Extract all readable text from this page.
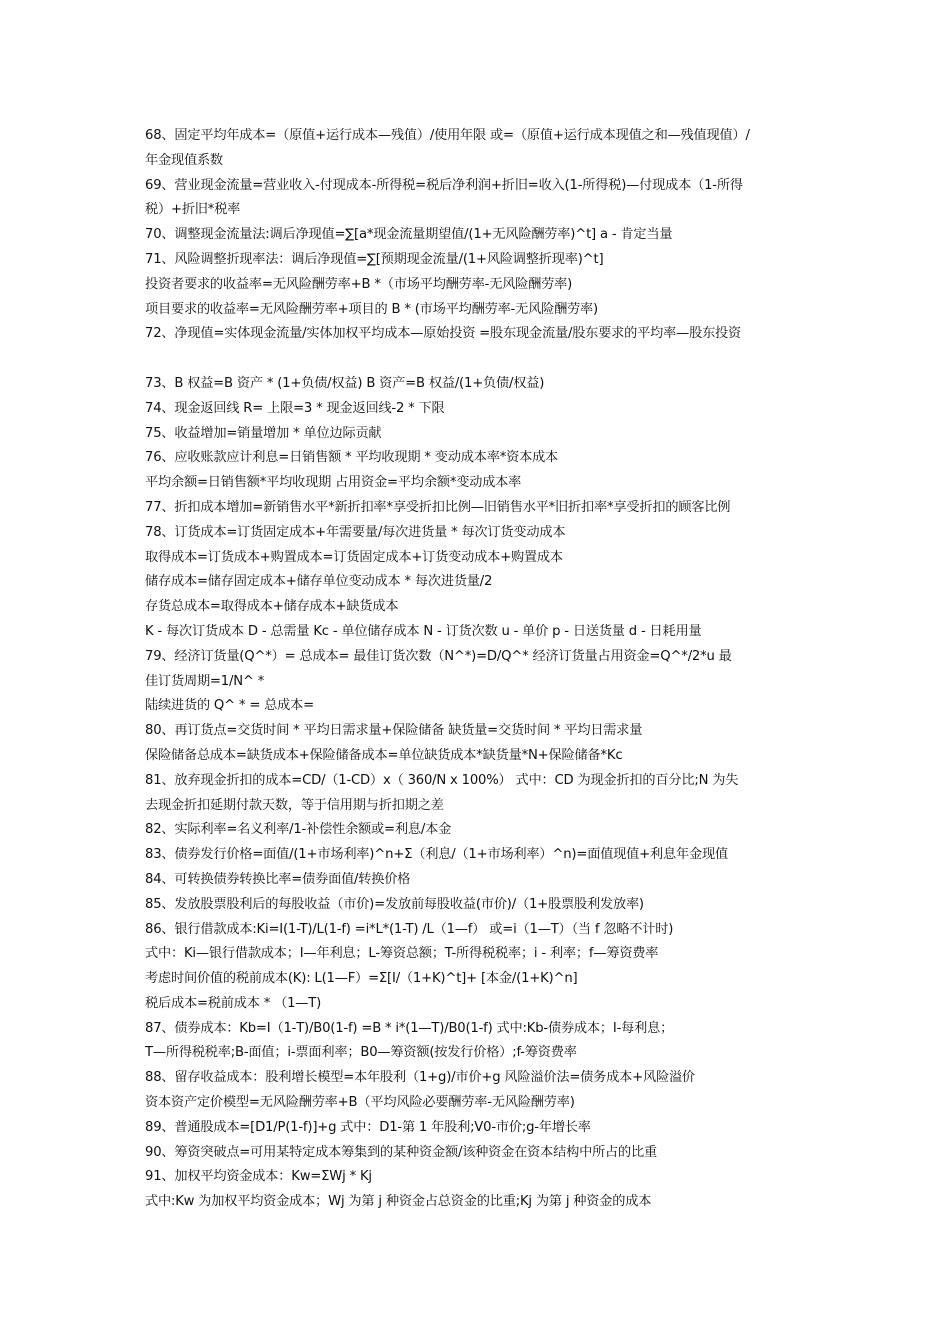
68、固定平均年成本=（原值+运行成本—残值）/使用年限 或=（原值+运行成本现值之和—残值现值）/
年金现值系数
69、营业现金流量=营业收入-付现成本-所得税=税后净利润+折旧=收入(1-所得税)—付现成本（1-所得
税）+折旧*税率
70、调整现金流量法:调后净现值=∑[a*现金流量期望值/(1+无风险酬劳率)^t] a - 肯定当量
71、风险调整折现率法：调后净现值=∑[预期现金流量/(1+风险调整折现率)^t]
投资者要求的收益率=无风险酬劳率+B *（市场平均酬劳率-无风险酬劳率)
项目要求的收益率=无风险酬劳率+项目的 B * (市场平均酬劳率-无风险酬劳率)
72、净现值=实体现金流量/实体加权平均成本—原始投资 =股东现金流量/股东要求的平均率—股东投资
73、B 权益=B 资产 * (1+负债/权益) B 资产=B 权益/(1+负债/权益)
74、现金返回线 R= 上限=3 * 现金返回线-2 * 下限
75、收益增加=销量增加 * 单位边际贡献
76、应收账款应计利息=日销售额 * 平均收现期 * 变动成本率*资本成本
平均余额=日销售额*平均收现期 占用资金=平均余额*变动成本率
77、折扣成本增加=新销售水平*新折扣率*享受折扣比例—旧销售水平*旧折扣率*享受折扣的顾客比例
78、订货成本=订货固定成本+年需要量/每次进货量 * 每次订货变动成本
取得成本=订货成本+购置成本=订货固定成本+订货变动成本+购置成本
储存成本=储存固定成本+储存单位变动成本 * 每次进货量/2
存货总成本=取得成本+储存成本+缺货成本
K - 每次订货成本 D - 总需量 Kc - 单位储存成本 N - 订货次数 u - 单价 p - 日送货量 d - 日耗用量
79、经济订货量(Q^*）= 总成本= 最佳订货次数（N^*)=D/Q^* 经济订货量占用资金=Q^*/2*u 最
佳订货周期=1/N^ *
陆续进货的 Q^ * = 总成本=
80、再订货点=交货时间 * 平均日需求量+保险储备 缺货量=交货时间 * 平均日需求量
保险储备总成本=缺货成本+保险储备成本=单位缺货成本*缺货量*N+保险储备*Kc
81、放弃现金折扣的成本=CD/（1-CD）x（ 360/N x 100%） 式中：CD 为现金折扣的百分比;N 为失
去现金折扣延期付款天数，等于信用期与折扣期之差
82、实际利率=名义利率/1-补偿性余额或=利息/本金
83、债券发行价格=面值/(1+市场利率)^n+Σ（利息/（1+市场利率）^n)=面值现值+利息年金现值
84、可转换债券转换比率=债券面值/转换价格
85、发放股票股利后的每股收益（市价)=发放前每股收益(市价)/（1+股票股利发放率)
86、银行借款成本:Ki=I(1-T)/L(1-f) =i*L*(1-T) /L（1—f） 或=i（1—T）（当 f 忽略不计时)
式中：Ki—银行借款成本；I—年利息；L-筹资总额；T-所得税税率；i - 利率；f—筹资费率
考虑时间价值的税前成本(K): L(1—F）=Σ[I/（1+K)^t]+ [本金/(1+K)^n]
税后成本=税前成本 * （1—T)
87、债券成本：Kb=I（1-T)/B0(1-f) =B * i*(1—T)/B0(1-f) 式中:Kb-债券成本；I-每利息；
T—所得税税率;B-面值；i-票面利率；B0—筹资额(按发行价格）;f-筹资费率
88、留存收益成本：股利增长模型=本年股利（1+g)/市价+g 风险溢价法=债务成本+风险溢价
资本资产定价模型=无风险酬劳率+B（平均风险必要酬劳率-无风险酬劳率)
89、普通股成本=[D1/P(1-f)]+g 式中：D1-第 1 年股利;V0-市价;g-年增长率
90、筹资突破点=可用某特定成本筹集到的某种资金额/该种资金在资本结构中所占的比重
91、加权平均资金成本：Kw=ΣWj * Kj
式中:Kw 为加权平均资金成本；Wj 为第 j 种资金占总资金的比重;Kj 为第 j 种资金的成本
